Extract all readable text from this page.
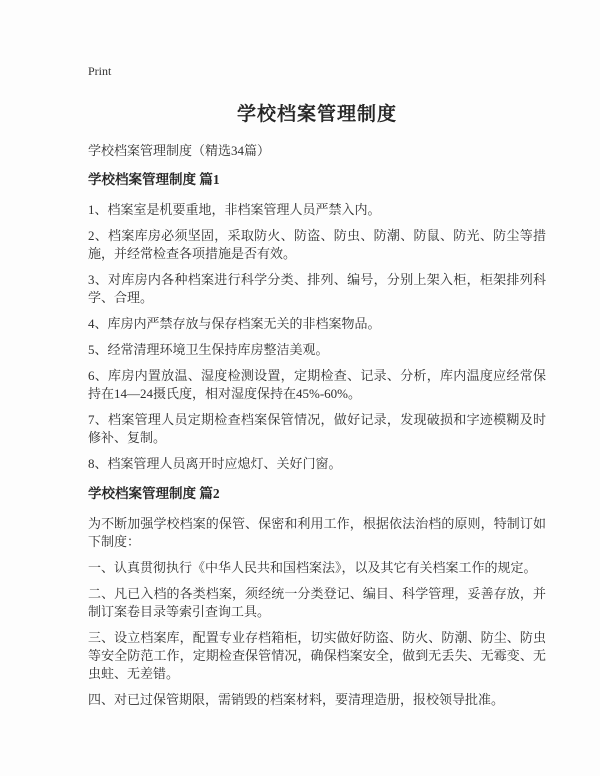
Print
学校档案管理制度

学校档案管理制度（精选34篇）

学校档案管理制度 篇1

1、档案室是机要重地，非档案管理人员严禁入内。

2、档案库房必须坚固，采取防火、防盗、防虫、防潮、防鼠、防光、防尘等措施，并经常检查各项措施是否有效。

3、对库房内各种档案进行科学分类、排列、编号，分别上架入柜，柜架排列科学、合理。

4、库房内严禁存放与保存档案无关的非档案物品。

5、经常清理环境卫生保持库房整洁美观。

6、库房内置放温、湿度检测设置，定期检查、记录、分析，库内温度应经常保持在14—24摄氏度，相对湿度保持在45%-60%。

7、档案管理人员定期检查档案保管情况，做好记录，发现破损和字迹模糊及时修补、复制。

8、档案管理人员离开时应熄灯、关好门窗。

学校档案管理制度 篇2

为不断加强学校档案的保管、保密和利用工作，根据依法治档的原则，特制订如下制度：

一、认真贯彻执行《中华人民共和国档案法》，以及其它有关档案工作的规定。

二、凡已入档的各类档案，须经统一分类登记、编目、科学管理，妥善存放，并制订案卷目录等索引查询工具。

三、设立档案库，配置专业存档箱柜，切实做好防盗、防火、防潮、防尘、防虫等安全防范工作，定期检查保管情况，确保档案安全，做到无丢失、无霉变、无虫蛀、无差错。

四、对已过保管期限，需销毁的档案材料，要清理造册，报校领导批准。
